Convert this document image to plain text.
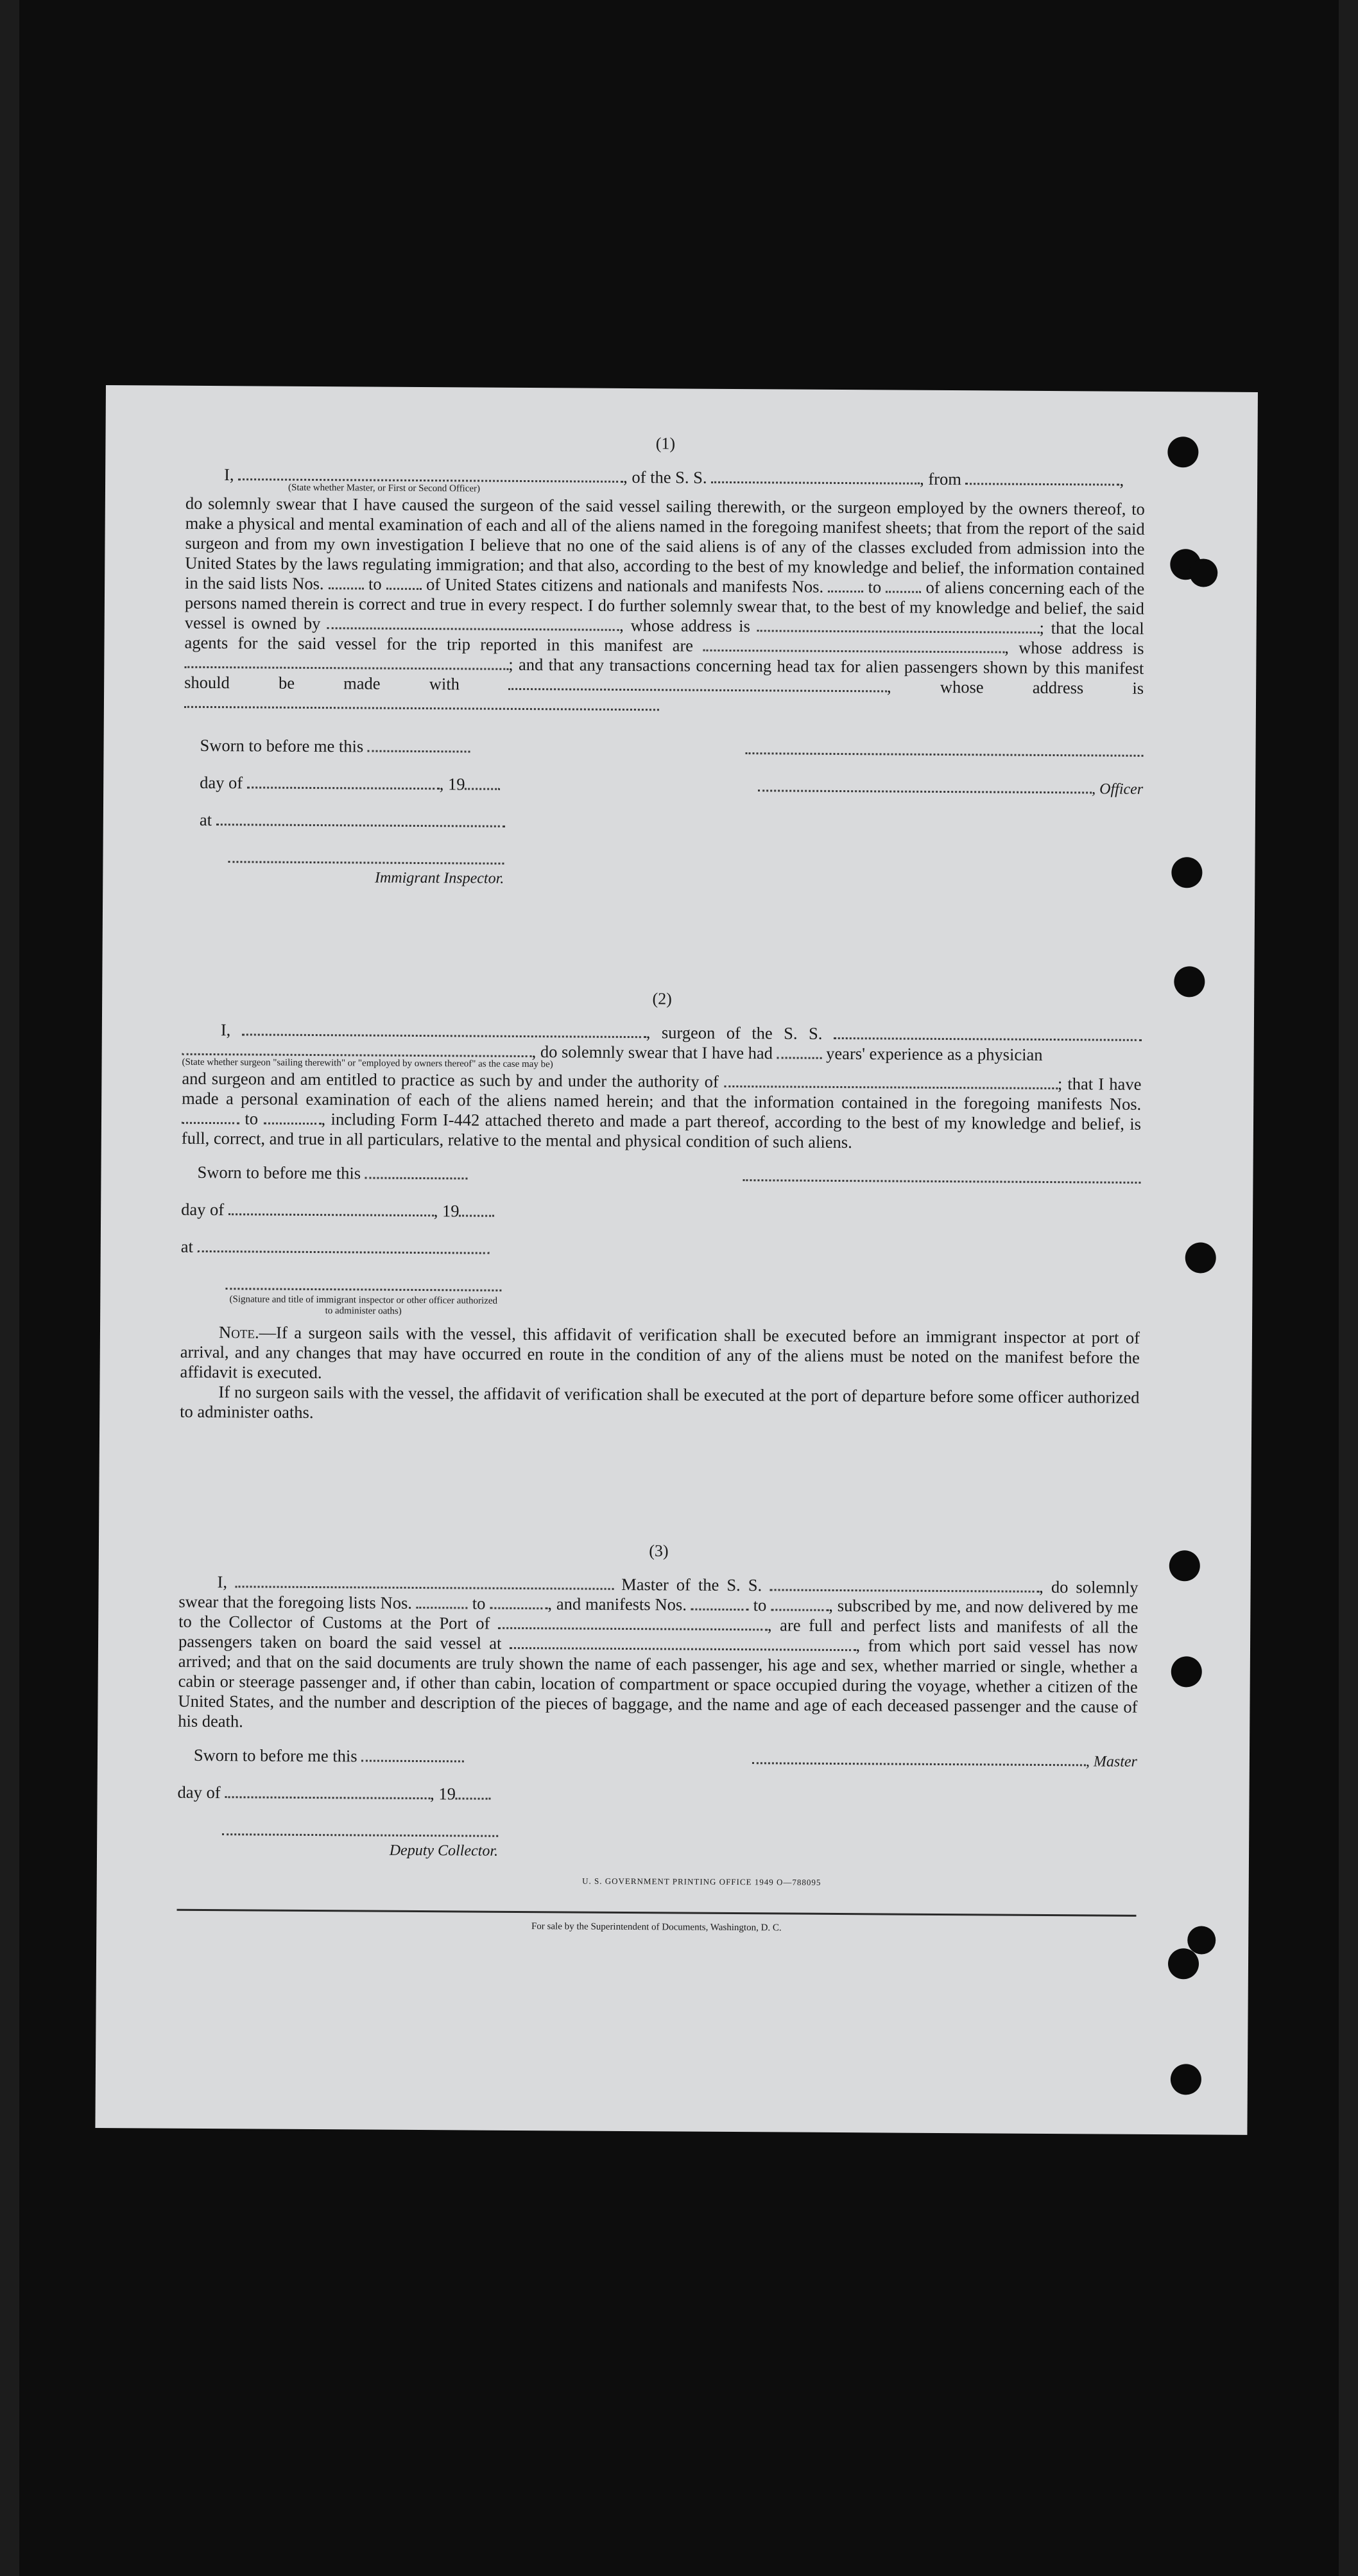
(1)
I,	, of the S. S.	, from	,
(State whether Master, or First or Second Officer)
do solemnly swear that I have caused the surgeon of the said vessel sailing therewith, or the surgeon employed by the owners thereof, to make a physical and mental examination of each and all of the aliens named in the foregoing manifest sheets; that from the report of the said surgeon and from my own investigation I believe that no one of the said aliens is of any of the classes excluded from admission into the United States by the laws regulating immigration; and that also, according to the best of my knowledge and belief, the information contained in the said lists Nos.	to	of United States citizens and nationals and manifests Nos.	to	of aliens concerning each of the persons named therein is correct and true in every respect. I do further solemnly swear that, to the best of my knowledge and belief, the said vessel is owned by	, whose address is	; that the local agents for the said vessel for the trip reported in this manifest are	, whose address is ; and that any transactions concerning head tax for alien passengers shown by this manifest should be made with	, whose address is
Sworn to before me this
day of	, 19	, Officer
at
Immigrant Inspector.
(2)
I,	, surgeon of the S. S.  , do solemnly swear that I have had	years' experience as a physician
(State whether surgeon "sailing therewith" or "employed by owners thereof" as the case may be)
and surgeon and am entitled to practice as such by and under the authority of	; that I have made a personal examination of each of the aliens named herein; and that the information contained in the foregoing manifests Nos.  to	, including Form I-442 attached thereto and made a part thereof, according to the best of my knowledge and belief, is full, correct, and true in all particulars, relative to the mental and physical condition of such aliens.
Sworn to before me this
day of	, 19
at
(Signature and title of immigrant inspector or other officer authorized to administer oaths)
Note.—If a surgeon sails with the vessel, this affidavit of verification shall be executed before an immigrant inspector at port of arrival, and any changes that may have occurred en route in the condition of any of the aliens must be noted on the manifest before the affidavit is executed.
If no surgeon sails with the vessel, the affidavit of verification shall be executed at the port of departure before some officer authorized to administer oaths.
(3)
I,	Master of the S. S.	, do solemnly swear that the foregoing lists Nos.	to	, and manifests Nos.	to	, subscribed by me, and now delivered by me to the Collector of Customs at the Port of	, are full and perfect lists and manifests of all the passengers taken on board the said vessel at	, from which port said vessel has now arrived; and that on the said documents are truly shown the name of each passenger, his age and sex, whether married or single, whether a cabin or steerage passenger and, if other than cabin, location of compartment or space occupied during the voyage, whether a citizen of the United States, and the number and description of the pieces of baggage, and the name and age of each deceased passenger and the cause of his death.
Sworn to before me this	, Master
day of	, 19
Deputy Collector.
U. S. GOVERNMENT PRINTING OFFICE 1949 O—788095
For sale by the Superintendent of Documents, Washington, D. C.
